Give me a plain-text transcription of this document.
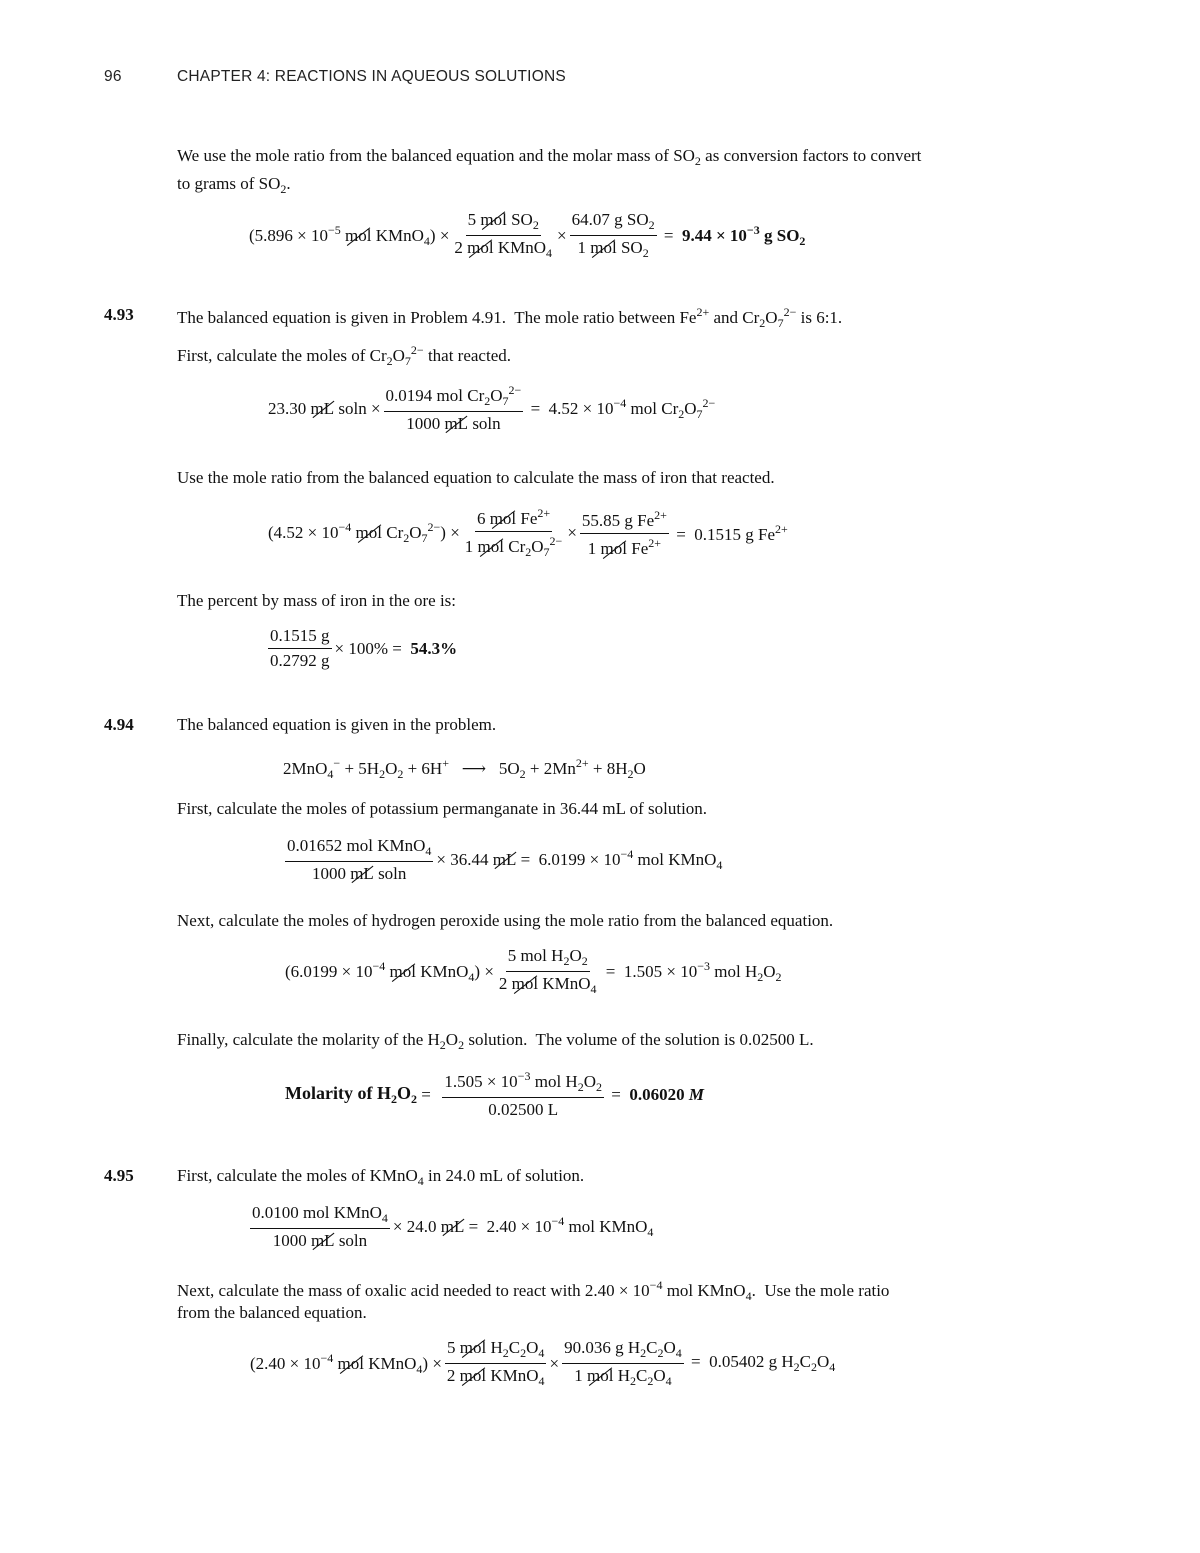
96	CHAPTER 4: REACTIONS IN AQUEOUS SOLUTIONS
We use the mole ratio from the balanced equation and the molar mass of $SO_2$ as conversion factors to convert
to grams of $SO_2$.
($5.896 \times 10^{-5}$ mol KMnO$_4$) × $\frac{5 mol SO_2}{2 mol KMnO_4} \times \frac{64.07 g SO_2}{1 mol SO_2} = 9.44 \times 10^{-3}$ g $SO_2$
4.93	The balanced equation is given in Problem 4.91.  The mole ratio between $Fe^{2+}$ and $Cr_2O_7^{2-}$ is 6:1.
First, calculate the moles of $Cr_2O_7^{2-}$ that reacted.
23.30 mL $soln \times \frac{0.0194 mol Cr_2O_7^{2-}}{\text{1000 mL soln}} = 4.52 \times 10^{-4}$ mol $Cr_2O_7^{2-}$
Use the mole ratio from the balanced equation to calculate the mass of iron that reacted.
($4.52 \times 10^{-4}$ mol $Cr_2O_7^{2-}) \times \frac{6 mol Fe^{2+}}{1 mol Cr_2O_7^{2-}} \times \frac{55.85 g Fe^{2+}}{1 mol Fe^{2+}} = 0.1515$ g $Fe^{2+}$
The percent by mass of iron in the ore is:
$\frac{0.1515 g}{0.2792 g} \times 100\% = 54.3\%$
4.94	The balanced equation is given in the problem.
$2MnO_4^- + 5H_2O_2 + 6H^+$   ⟶   $5O_2 + 2Mn^{2+} + 8H_2O$
First, calculate the moles of potassium permanganate in 36.44 mL of solution.
$\frac{0.01652 mol KMnO_4}{\text{1000 mL soln}} \times 36.44$ mL =  $6.0199 \times 10^{-4}$ mol KMnO$_4$
Next, calculate the moles of hydrogen peroxide using the mole ratio from the balanced equation.
($6.0199 \times 10^{-4}$ mol KMnO$_4$) × $\frac{5 mol H_2O_2}{2 mol KMnO_4} = 1.505 \times 10^{-3}$ mol $H_2O_2$
Finally, calculate the molarity of the $H_2O_2$ solution.  The volume of the solution is 0.02500 L.
Molarity of $H_2O_2 = \frac{1.505 \times 10^{-3} mol H_2O_2}{0.02500 L} = 0.06020$ M
4.95	First, calculate the moles of KMnO$_4$ in 24.0 mL of solution.
$\frac{0.0100 mol KMnO_4}{\text{1000 mL soln}} \times 24.0$ mL =  $2.40 \times 10^{-4}$ mol KMnO$_4$
Next, calculate the mass of oxalic acid needed to react with $2.40 \times 10^{-4}$ mol KMnO$_4$.  Use the mole ratio
from the balanced equation.
($2.40 \times 10^{-4}$ mol KMnO$_4$) × $\frac{5 mol H_2C_2O_4}{2 mol KMnO_4} \times \frac{90.036 g H_2C_2O_4}{1 mol H_2C_2O_4} = 0.05402$ g $H_2C_2O_4$
